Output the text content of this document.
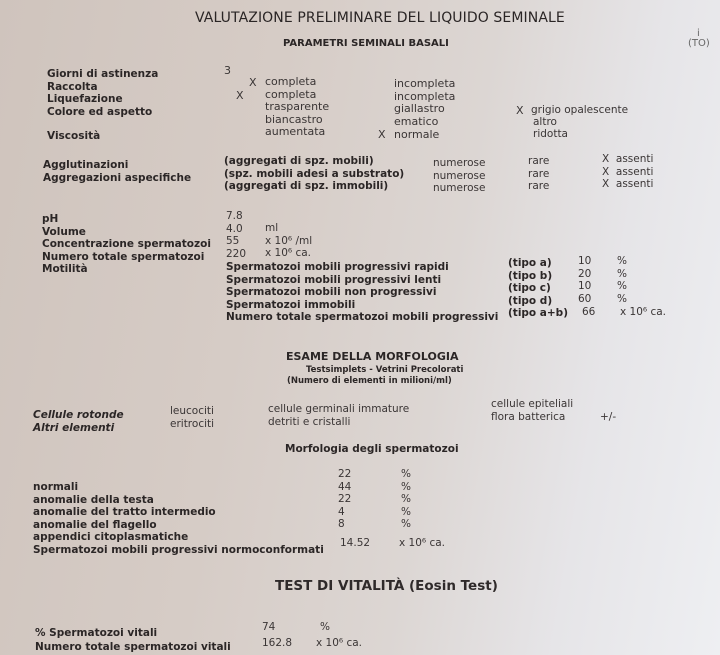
VALUTAZIONE PRELIMINARE DEL LIQUIDO SEMINALE
PARAMETRI SEMINALI BASALI
i
(TO)
Giorni di astinenza
Raccolta
Liquefazione
Colore ed aspetto
Viscosità
3
X
X
completa
completa
trasparente
biancastro
aumentata
incompleta
incompleta
giallastro
ematico
X normale
X grigio opalescente
altro
ridotta
Agglutinazioni
Aggregazioni aspecifiche
(aggregati di spz. mobili)
(spz. mobili adesi a substrato)
(aggregati di spz. immobili)
numerose
numerose
numerose
rare
rare
rare
X assenti
X assenti
X assenti
pH
Volume
Concentrazione spermatozoi
Numero totale spermatozoi
Motilità
7.8
4.0
55
220
ml
x 10⁶ /ml
x 10⁶ ca.
Spermatozoi mobili progressivi rapidi
Spermatozoi mobili progressivi lenti
Spermatozoi mobili non progressivi
Spermatozoi immobili
Numero totale spermatozoi mobili progressivi
(tipo a)
(tipo b)
(tipo c)
(tipo d)
(tipo a+b)
10
20
10
60
66
%
%
%
%
x 10⁶ ca.
ESAME DELLA MORFOLOGIA
Testsimplets - Vetrini Precolorati
(Numero di elementi in milioni/ml)
Cellule rotonde
Altri elementi
leucociti
eritrociti
cellule germinali immature
detriti e cristalli
cellule epiteliali
flora batterica	+/-
Morfologia degli spermatozoi
normali
anomalie della testa
anomalie del tratto intermedio
anomalie del flagello
appendici citoplasmatiche
Spermatozoi mobili progressivi normoconformati
22
44
22
4
8
14.52
%
%
%
%
%
x 10⁶ ca.
TEST DI VITALITÀ (Eosin Test)
% Spermatozoi vitali
Numero totale spermatozoi vitali
74
162.8
%
x 10⁶ ca.
